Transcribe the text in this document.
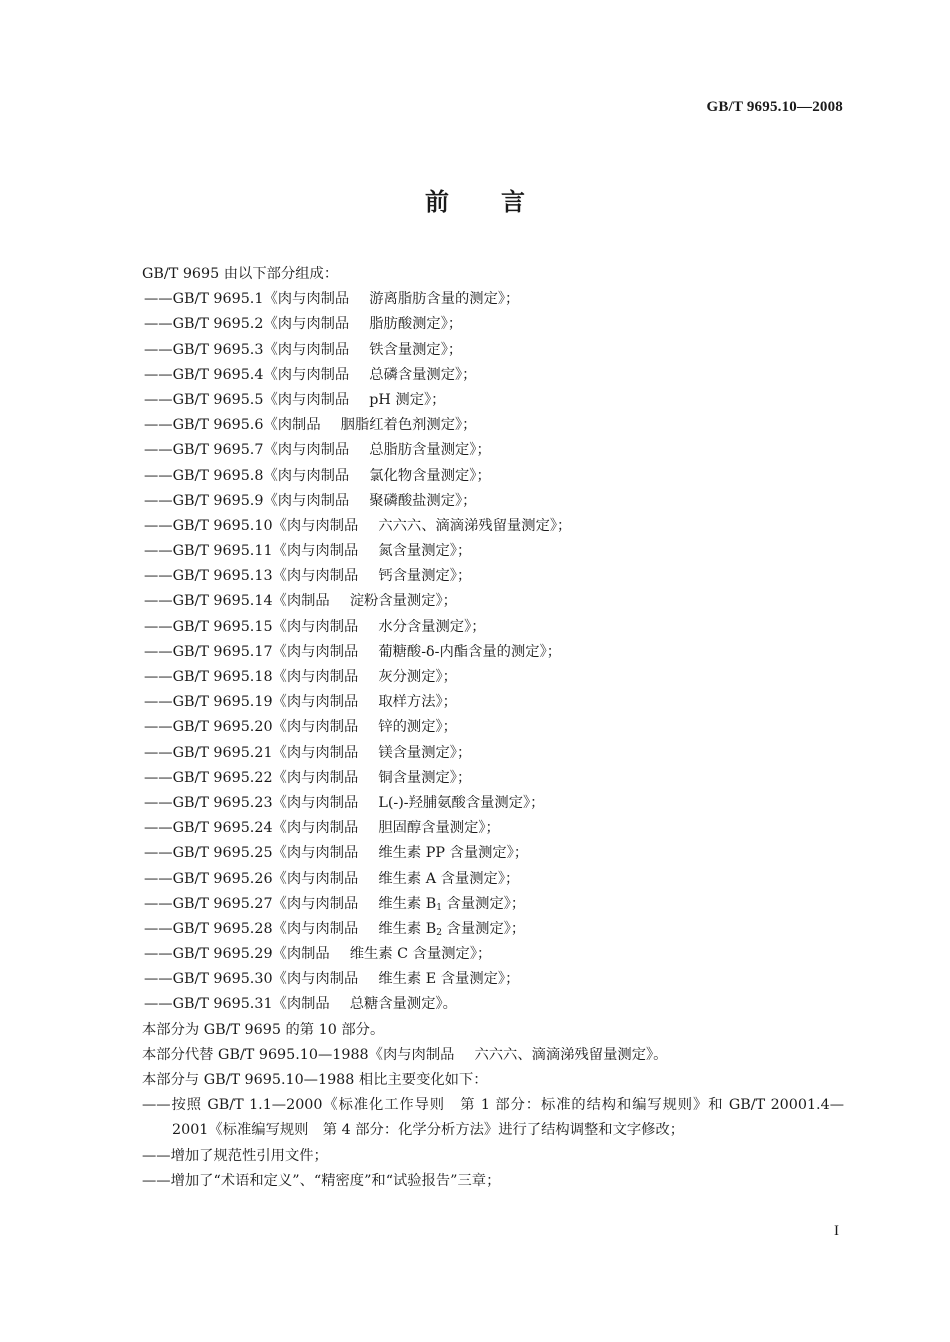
GB/T 9695.10—2008
前言
GB/T 9695 由以下部分组成：
——GB/T 9695.1《肉与肉制品 游离脂肪含量的测定》；
——GB/T 9695.2《肉与肉制品 脂肪酸测定》；
——GB/T 9695.3《肉与肉制品 铁含量测定》；
——GB/T 9695.4《肉与肉制品 总磷含量测定》；
——GB/T 9695.5《肉与肉制品 pH 测定》；
——GB/T 9695.6《肉制品 胭脂红着色剂测定》；
——GB/T 9695.7《肉与肉制品 总脂肪含量测定》；
——GB/T 9695.8《肉与肉制品 氯化物含量测定》；
——GB/T 9695.9《肉与肉制品 聚磷酸盐测定》；
——GB/T 9695.10《肉与肉制品 六六六、滴滴涕残留量测定》；
——GB/T 9695.11《肉与肉制品 氮含量测定》；
——GB/T 9695.13《肉与肉制品 钙含量测定》；
——GB/T 9695.14《肉制品 淀粉含量测定》；
——GB/T 9695.15《肉与肉制品 水分含量测定》；
——GB/T 9695.17《肉与肉制品 葡糖酸-δ-内酯含量的测定》；
——GB/T 9695.18《肉与肉制品 灰分测定》；
——GB/T 9695.19《肉与肉制品 取样方法》；
——GB/T 9695.20《肉与肉制品 锌的测定》；
——GB/T 9695.21《肉与肉制品 镁含量测定》；
——GB/T 9695.22《肉与肉制品 铜含量测定》；
——GB/T 9695.23《肉与肉制品 L(-)-羟脯氨酸含量测定》；
——GB/T 9695.24《肉与肉制品 胆固醇含量测定》；
——GB/T 9695.25《肉与肉制品 维生素 PP 含量测定》；
——GB/T 9695.26《肉与肉制品 维生素 A 含量测定》；
——GB/T 9695.27《肉与肉制品 维生素 $B_1$ 含量测定》；
——GB/T 9695.28《肉与肉制品 维生素 $B_2$ 含量测定》；
——GB/T 9695.29《肉制品 维生素 C 含量测定》；
——GB/T 9695.30《肉与肉制品 维生素 E 含量测定》；
——GB/T 9695.31《肉制品 总糖含量测定》。
本部分为 GB/T 9695 的第 10 部分。
本部分代替 GB/T 9695.10—1988《肉与肉制品 六六六、滴滴涕残留量测定》。
本部分与 GB/T 9695.10—1988 相比主要变化如下：
——按照 GB/T 1.1—2000《标准化工作导则　第 1 部分：标准的结构和编写规则》和 GB/T 20001.4—2001《标准编写规则　第 4 部分：化学分析方法》进行了结构调整和文字修改；
——增加了规范性引用文件；
——增加了“术语和定义”、“精密度”和“试验报告”三章；
I
